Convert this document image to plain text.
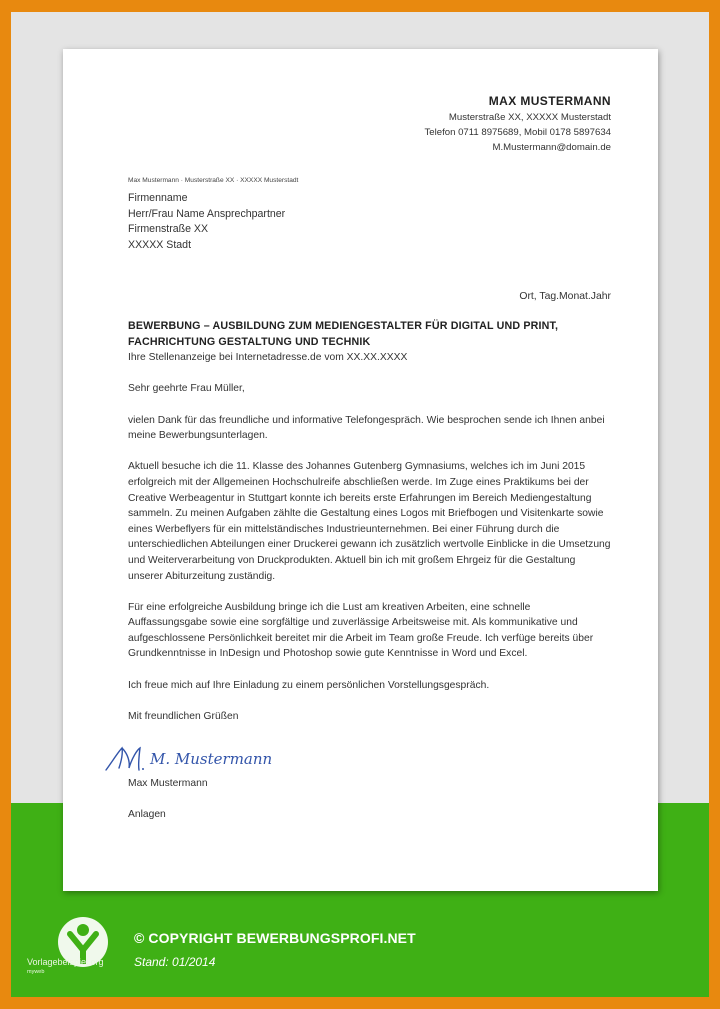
MAX MUSTERMANN
Musterstraße XX, XXXXX Musterstadt
Telefon 0711 8975689, Mobil 0178 5897634
M.Mustermann@domain.de
Max Mustermann · Musterstraße XX · XXXXX Musterstadt
Firmenname
Herr/Frau Name Ansprechpartner
Firmenstraße XX
XXXXX Stadt
Ort, Tag.Monat.Jahr
BEWERBUNG – AUSBILDUNG ZUM MEDIENGESTALTER FÜR DIGITAL UND PRINT,
FACHRICHTUNG GESTALTUNG UND TECHNIK
Ihre Stellenanzeige bei Internetadresse.de vom XX.XX.XXXX

Sehr geehrte Frau Müller,

vielen Dank für das freundliche und informative Telefongespräch. Wie besprochen sende ich Ihnen anbei meine Bewerbungsunterlagen.

Aktuell besuche ich die 11. Klasse des Johannes Gutenberg Gymnasiums, welches ich im Juni 2015 erfolgreich mit der Allgemeinen Hochschulreife abschließen werde. Im Zuge eines Praktikums bei der Creative Werbeagentur in Stuttgart konnte ich bereits erste Erfahrungen im Bereich Mediengestaltung sammeln. Zu meinen Aufgaben zählte die Gestaltung eines Logos mit Briefbogen und Visitenkarte sowie eines Werbeflyers für ein mittelständisches Industrieunternehmen. Bei einer Führung durch die unterschiedlichen Abteilungen einer Druckerei gewann ich zusätzlich wertvolle Einblicke in die Umsetzung und Weiterverarbeitung von Druckprodukten. Aktuell bin ich mit großem Ehrgeiz für die Gestaltung unserer Abiturzeitung zuständig.

Für eine erfolgreiche Ausbildung bringe ich die Lust am kreativen Arbeiten, eine schnelle Auffassungsgabe sowie eine sorgfältige und zuverlässige Arbeitsweise mit. Als kommunikative und aufgeschlossene Persönlichkeit bereitet mir die Arbeit im Team große Freude. Ich verfüge bereits über Grundkenntnisse in InDesign und Photoshop sowie gute Kenntnisse in Word und Excel.

Ich freue mich auf Ihre Einladung zu einem persönlichen Vorstellungsgespräch.

Mit freundlichen Grüßen

M. Mustermann
Max Mustermann
Anlagen
Vorlagebeispiel.org
myweb
© COPYRIGHT BEWERBUNGSPROFI.NET
Stand: 01/2014
